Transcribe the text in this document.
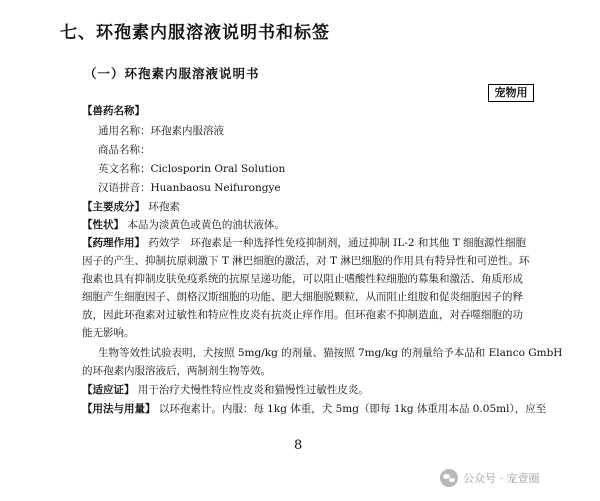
七、环孢素内服溶液说明书和标签
（一）环孢素内服溶液说明书
宠物用
【兽药名称】
通用名称：环孢素内服溶液
商品名称：
英文名称：Ciclosporin Oral Solution
汉语拼音：Huanbaosu Neifurongye
【主要成分】 环孢素
【性状】 本品为淡黄色或黄色的油状液体。
【药理作用】 药效学　环孢素是一种选择性免疫抑制剂，通过抑制 IL-2 和其他 T 细胞源性细胞
因子的产生、抑制抗原刺激下 T 淋巴细胞的激活，对 T 淋巴细胞的作用具有特异性和可逆性。环
孢素也具有抑制皮肤免疫系统的抗原呈递功能，可以阻止嗜酸性粒细胞的募集和激活、角质形成
细胞产生细胞因子、朗格汉斯细胞的功能、肥大细胞脱颗粒，从而阻止组胺和促炎细胞因子的释
放，因此环孢素对过敏性和特应性皮炎有抗炎止痒作用。但环孢素不抑制造血，对吞噬细胞的功
能无影响。
生物等效性试验表明，犬按照 5mg/kg 的剂量、猫按照 7mg/kg 的剂量给予本品和 Elanco GmbH
的环孢素内服溶液后，两制剂生物等效。
【适应证】 用于治疗犬慢性特应性皮炎和猫慢性过敏性皮炎。
【用法与用量】 以环孢素计。内服：每 1kg 体重，犬 5mg（即每 1kg 体重用本品 0.05ml），应至
8
公众号 · 宠壹圈
